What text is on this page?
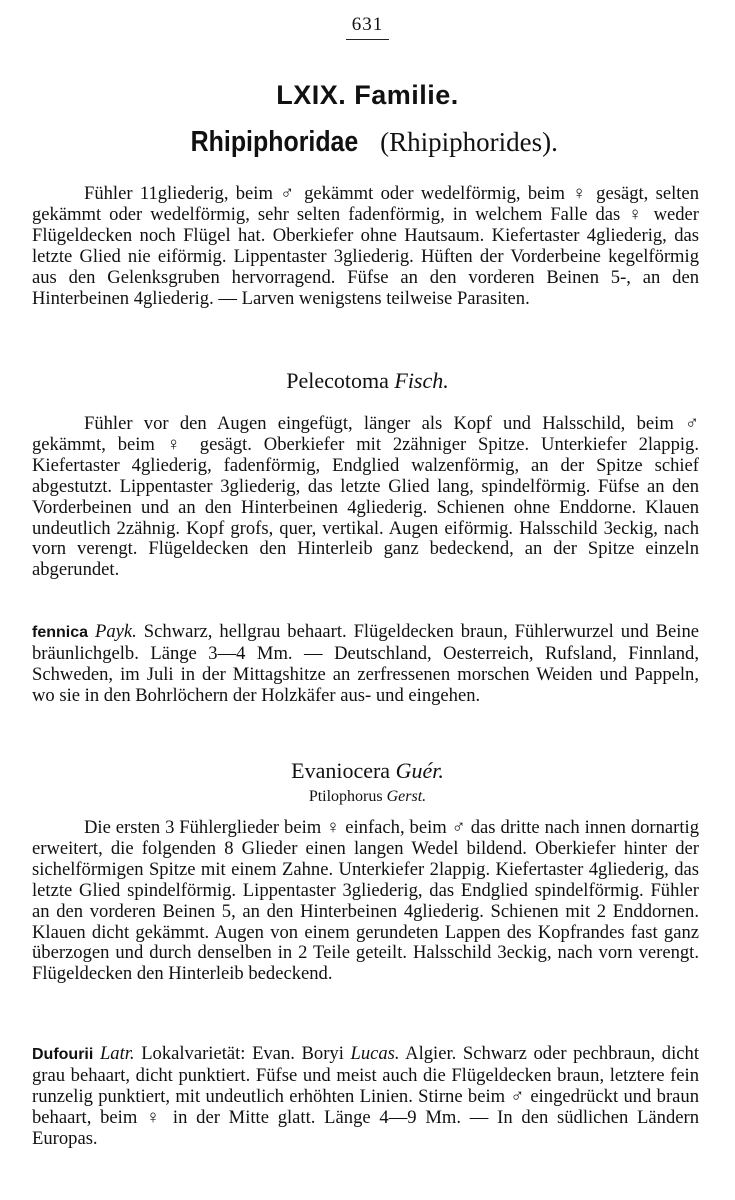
631
LXIX. Familie.
Rhipiphoridae (Rhipiphorides).

Fühler 11gliederig, beim ♂ gekämmt oder wedelförmig, beim ♀ gesägt, selten gekämmt oder wedelförmig, sehr selten fadenförmig, in welchem Falle das ♀ weder Flügeldecken noch Flügel hat. Oberkiefer ohne Hautsaum. Kiefertaster 4gliederig, das letzte Glied nie eiförmig. Lippentaster 3gliederig. Hüften der Vorderbeine kegelförmig aus den Gelenksgruben hervorragend. Füfse an den vorderen Beinen 5-, an den Hinterbeinen 4gliederig. — Larven wenigstens teilweise Parasiten.

Pelecotoma Fisch.

Fühler vor den Augen eingefügt, länger als Kopf und Halsschild, beim ♂ gekämmt, beim ♀ gesägt. Oberkiefer mit 2zähniger Spitze. Unterkiefer 2lappig. Kiefertaster 4gliederig, fadenförmig, Endglied walzenförmig, an der Spitze schief abgestutzt. Lippentaster 3gliederig, das letzte Glied lang, spindelförmig. Füfse an den Vorderbeinen und an den Hinterbeinen 4gliederig. Schienen ohne Enddorne. Klauen undeutlich 2zähnig. Kopf grofs, quer, vertikal. Augen eiförmig. Halsschild 3eckig, nach vorn verengt. Flügeldecken den Hinterleib ganz bedeckend, an der Spitze einzeln abgerundet.

fennica Payk. Schwarz, hellgrau behaart. Flügeldecken braun, Fühlerwurzel und Beine bräunlichgelb. Länge 3—4 Mm. — Deutschland, Oesterreich, Rufsland, Finnland, Schweden, im Juli in der Mittagshitze an zerfressenen morschen Weiden und Pappeln, wo sie in den Bohrlöchern der Holzkäfer aus- und eingehen.

Evaniocera Guér.
Ptilophorus Gerst.

Die ersten 3 Fühlerglieder beim ♀ einfach, beim ♂ das dritte nach innen dornartig erweitert, die folgenden 8 Glieder einen langen Wedel bildend. Oberkiefer hinter der sichelförmigen Spitze mit einem Zahne. Unterkiefer 2lappig. Kiefertaster 4gliederig, das letzte Glied spindelförmig. Lippentaster 3gliederig, das Endglied spindelförmig. Fühler an den vorderen Beinen 5, an den Hinterbeinen 4gliederig. Schienen mit 2 Enddornen. Klauen dicht gekämmt. Augen von einem gerundeten Lappen des Kopfrandes fast ganz überzogen und durch denselben in 2 Teile geteilt. Halsschild 3eckig, nach vorn verengt. Flügeldecken den Hinterleib bedeckend.

Dufourii Latr. Lokalvarietät: Evan. Boryi Lucas. Algier. Schwarz oder pechbraun, dicht grau behaart, dicht punktiert. Füfse und meist auch die Flügeldecken braun, letztere fein runzelig punktiert, mit undeutlich erhöhten Linien. Stirne beim ♂ eingedrückt und braun behaart, beim ♀ in der Mitte glatt. Länge 4—9 Mm. — In den südlichen Ländern Europas.
